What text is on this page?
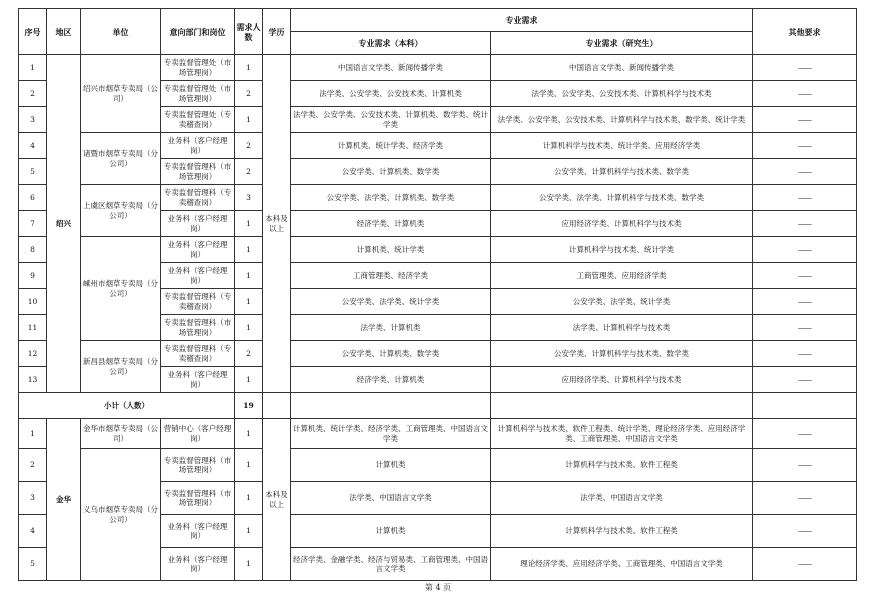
序号	地区	单位	意向部门和岗位	需求人数	学历	专业需求		其他要求
						专业需求（本科）	专业需求（研究生）	
1	绍兴	绍兴市烟草专卖局（公司）	专卖监督管理处（市场管理岗）	1	本科及以上	中国语言文学类、新闻传播学类	中国语言文学类、新闻传播学类	——
2			专卖监督管理处（市场管理岗）	2		法学类、公安学类、公安技术类、计算机类	法学类、公安学类、公安技术类、计算机科学与技术类	——
3			专卖监督管理处（专卖稽查岗）	1		法学类、公安学类、公安技术类、计算机类、数学类、统计学类	法学类、公安学类、公安技术类、计算机科学与技术类、数学类、统计学类	——
4		诸暨市烟草专卖局（分公司）	业务科（客户经理岗）	2		计算机类、统计学类、经济学类	计算机科学与技术类、统计学类、应用经济学类	——
5			专卖监督管理科（市场管理岗）	2		公安学类、计算机类、数学类	公安学类、计算机科学与技术类、数学类	——
6		上虞区烟草专卖局（分公司）	专卖监督管理科（专卖稽查岗）	3		公安学类、法学类、计算机类、数学类	公安学类、法学类、计算机科学与技术类、数学类	——
7			业务科（客户经理岗）	1		经济学类、计算机类	应用经济学类、计算机科学与技术类	——
8		嵊州市烟草专卖局（分公司）	业务科（客户经理岗）	1		计算机类、统计学类	计算机科学与技术类、统计学类	——
9			业务科（客户经理岗）	1		工商管理类、经济学类	工商管理类、应用经济学类	——
10			专卖监督管理科（专卖稽查岗）	1		公安学类、法学类、统计学类	公安学类、法学类、统计学类	——
11			专卖监督管理科（市场管理岗）	1		法学类、计算机类	法学类、计算机科学与技术类	——
12		新昌县烟草专卖局（分公司）	专卖监督管理科（专卖稽查岗）	2		公安学类、计算机类、数学类	公安学类、计算机科学与技术类、数学类	——
13			业务科（客户经理岗）	1		经济学类、计算机类	应用经济学类、计算机科学与技术类	——
小计（人数）				19				
1	金华	金华市烟草专卖局（公司）	营销中心（客户经理岗）	1	本科及以上	计算机类、统计学类、经济学类、工商管理类、中国语言文学类	计算机科学与技术类、软件工程类、统计学类、理论经济学类、应用经济学类、工商管理类、中国语言文学类	——
2		义乌市烟草专卖局（分公司）	专卖监督管理科（市场管理岗）	1		计算机类	计算机科学与技术类、软件工程类	——
3			专卖监督管理科（市场管理岗）	1		法学类、中国语言文学类	法学类、中国语言文学类	——
4			业务科（客户经理岗）	1		计算机类	计算机科学与技术类、软件工程类	——
5			业务科（客户经理岗）	1		经济学类、金融学类、经济与贸易类、工商管理类、中国语言文学类	理论经济学类、应用经济学类、工商管理类、中国语言文学类	——
第 4 页
